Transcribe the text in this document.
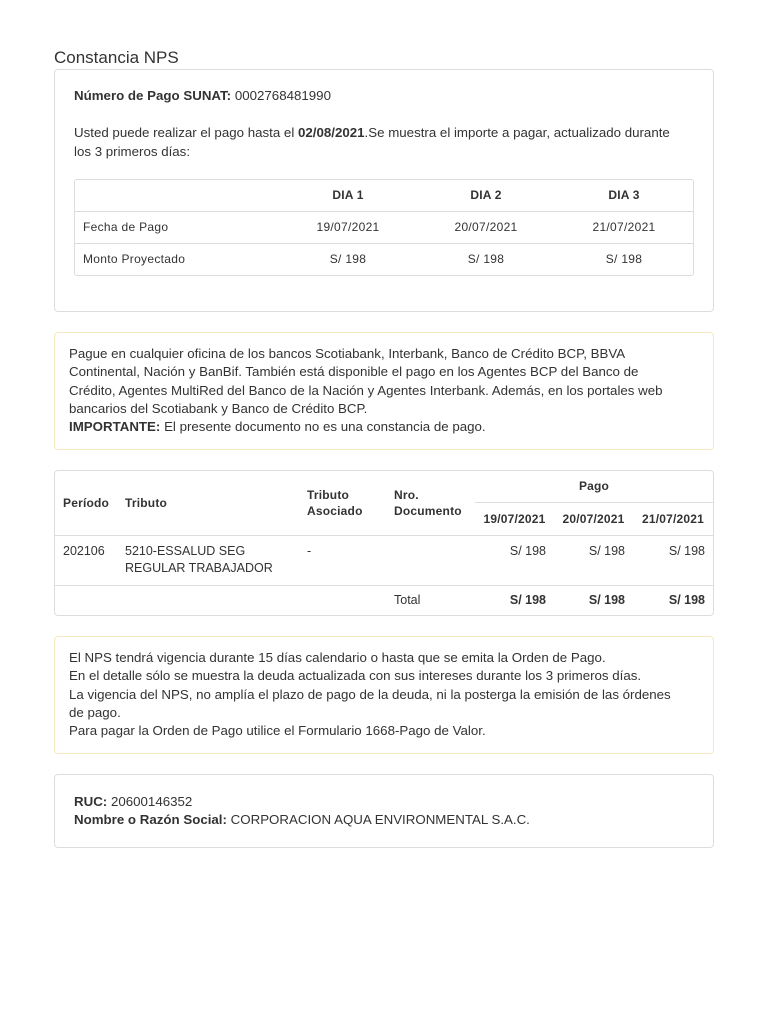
Constancia NPS
Número de Pago SUNAT: 0002768481990
Usted puede realizar el pago hasta el 02/08/2021.Se muestra el importe a pagar, actualizado durante
los 3 primeros días:
	DIA 1	DIA 2	DIA 3
Fecha de Pago	19/07/2021	20/07/2021	21/07/2021
Monto Proyectado	S/ 198	S/ 198	S/ 198
Pague en cualquier oficina de los bancos Scotiabank, Interbank, Banco de Crédito BCP, BBVA
Continental, Nación y BanBif. También está disponible el pago en los Agentes BCP del Banco de
Crédito, Agentes MultiRed del Banco de la Nación y Agentes Interbank. Además, en los portales web
bancarios del Scotiabank y Banco de Crédito BCP.
IMPORTANTE: El presente documento no es una constancia de pago.
Período	Tributo	Tributo Asociado	Nro. Documento	Pago		
				19/07/2021	20/07/2021	21/07/2021
202106	5210-ESSALUD SEG REGULAR TRABAJADOR	-		S/ 198	S/ 198	S/ 198
			Total	S/ 198	S/ 198	S/ 198
El NPS tendrá vigencia durante 15 días calendario o hasta que se emita la Orden de Pago.
En el detalle sólo se muestra la deuda actualizada con sus intereses durante los 3 primeros días.
La vigencia del NPS, no amplía el plazo de pago de la deuda, ni la posterga la emisión de las órdenes
de pago.
Para pagar la Orden de Pago utilice el Formulario 1668-Pago de Valor.
RUC: 20600146352
Nombre o Razón Social: CORPORACION AQUA ENVIRONMENTAL S.A.C.
